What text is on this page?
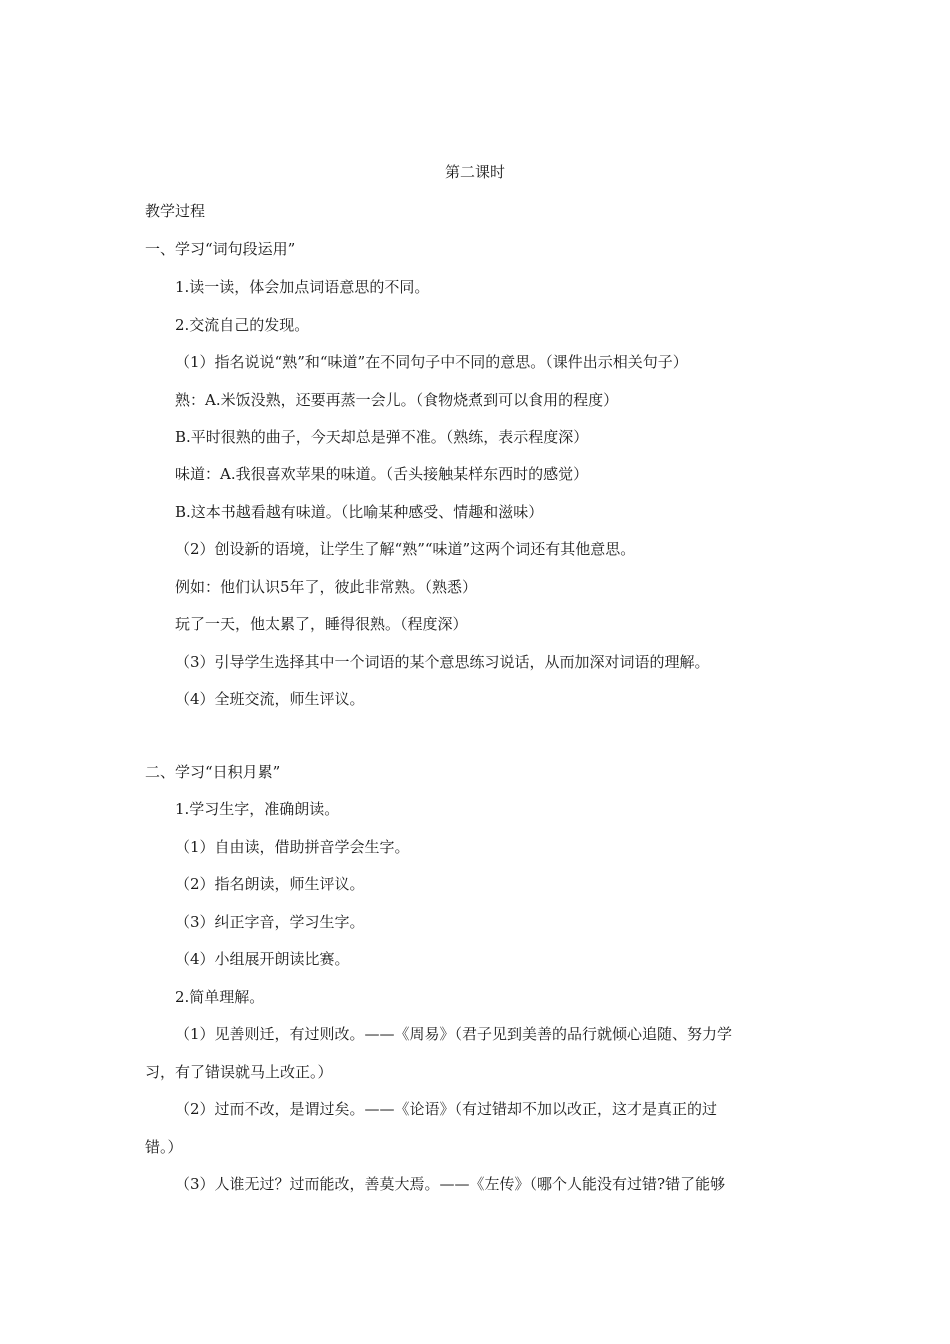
第二课时
教学过程
一、学习“词句段运用”
1.读一读，体会加点词语意思的不同。
2.交流自己的发现。
（1）指名说说“熟”和“味道”在不同句子中不同的意思。（课件出示相关句子）
熟：A.米饭没熟，还要再蒸一会儿。（食物烧煮到可以食用的程度）
B.平时很熟的曲子，今天却总是弹不准。（熟练，表示程度深）
味道：A.我很喜欢苹果的味道。（舌头接触某样东西时的感觉）
B.这本书越看越有味道。（比喻某种感受、情趣和滋味）
（2）创设新的语境，让学生了解“熟”“味道”这两个词还有其他意思。
例如：他们认识5年了，彼此非常熟。（熟悉）
玩了一天，他太累了，睡得很熟。（程度深）
（3）引导学生选择其中一个词语的某个意思练习说话，从而加深对词语的理解。
（4）全班交流，师生评议。
二、学习“日积月累”
1.学习生字，准确朗读。
（1）自由读，借助拼音学会生字。
（2）指名朗读，师生评议。
（3）纠正字音，学习生字。
（4）小组展开朗读比赛。
2.简单理解。
（1）见善则迁，有过则改。——《周易》（君子见到美善的品行就倾心追随、努力学
习，有了错误就马上改正。）
（2）过而不改，是谓过矣。——《论语》（有过错却不加以改正，这才是真正的过
错。）
（3）人谁无过？过而能改，善莫大焉。——《左传》（哪个人能没有过错?错了能够
